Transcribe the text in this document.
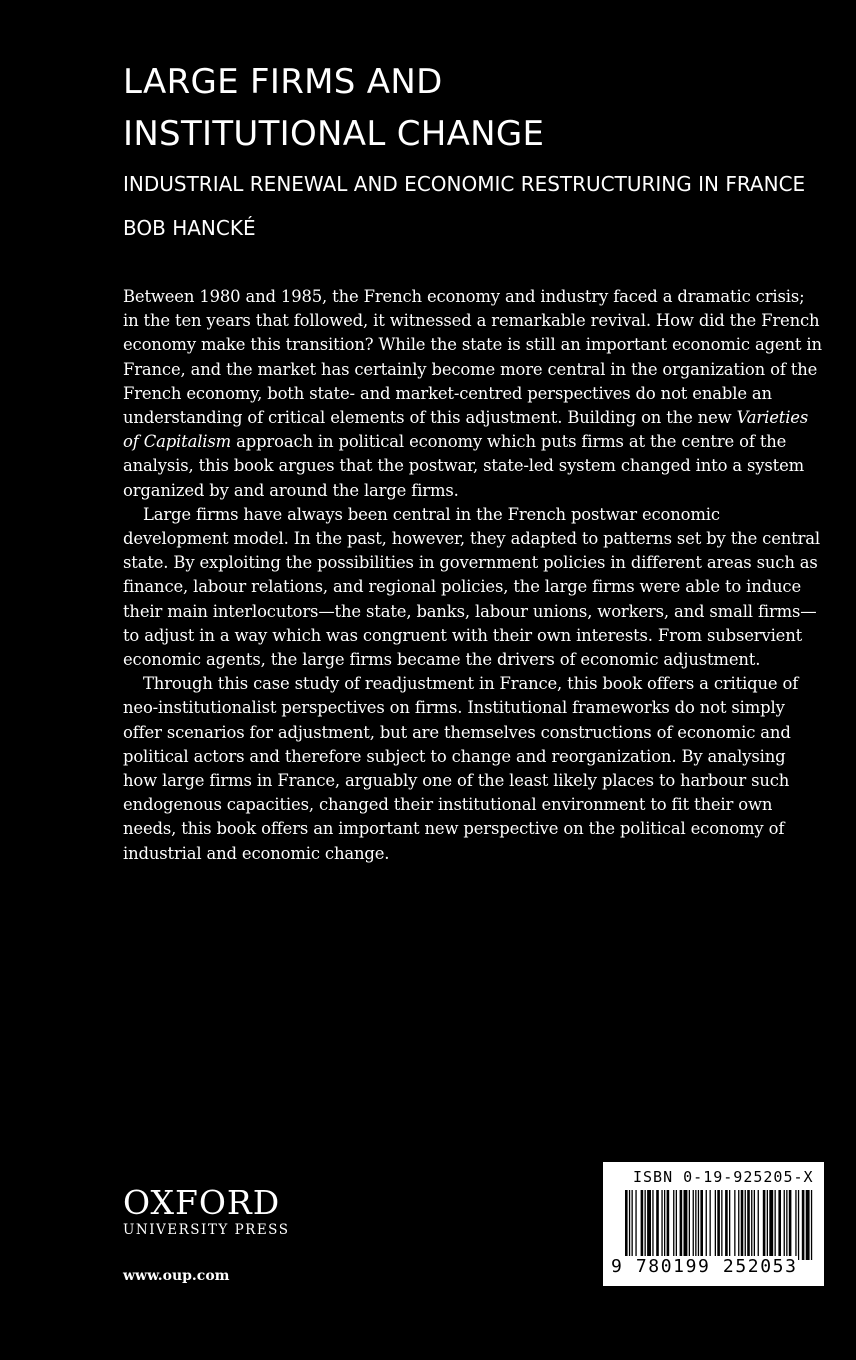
LARGE FIRMS AND
INSTITUTIONAL CHANGE
INDUSTRIAL RENEWAL AND ECONOMIC RESTRUCTURING IN FRANCE
BOB HANCKÉ

Between 1980 and 1985, the French economy and industry faced a dramatic crisis; in the ten years that followed, it witnessed a remarkable revival. How did the French economy make this transition? While the state is still an important economic agent in France, and the market has certainly become more central in the organization of the French economy, both state- and market-centred perspectives do not enable an understanding of critical elements of this adjustment. Building on the new Varieties of Capitalism approach in political economy which puts firms at the centre of the analysis, this book argues that the postwar, state-led system changed into a system organized by and around the large firms.

Large firms have always been central in the French postwar economic development model. In the past, however, they adapted to patterns set by the central state. By exploiting the possibilities in government policies in different areas such as finance, labour relations, and regional policies, the large firms were able to induce their main interlocutors—the state, banks, labour unions, workers, and small firms—to adjust in a way which was congruent with their own interests. From subservient economic agents, the large firms became the drivers of economic adjustment.

Through this case study of readjustment in France, this book offers a critique of neo-institutionalist perspectives on firms. Institutional frameworks do not simply offer scenarios for adjustment, but are themselves constructions of economic and political actors and therefore subject to change and reorganization. By analysing how large firms in France, arguably one of the least likely places to harbour such endogenous capacities, changed their institutional environment to fit their own needs, this book offers an important new perspective on the political economy of industrial and economic change.

OXFORD
UNIVERSITY PRESS
www.oup.com
ISBN 0-19-925205-X
9 780199 252053
